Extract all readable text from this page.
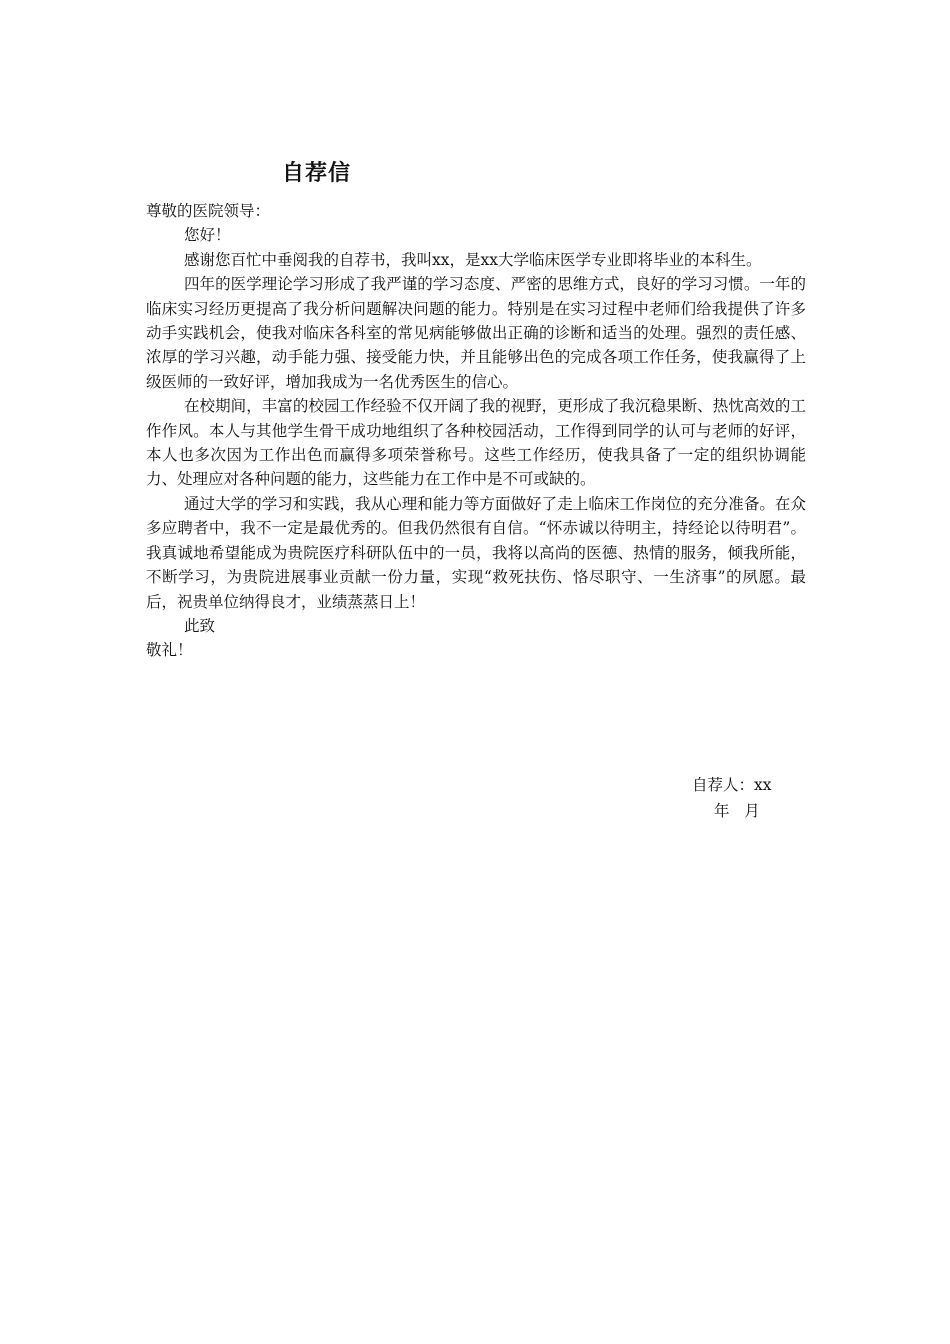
自荐信

尊敬的医院领导：

您好！

感谢您百忙中垂阅我的自荐书，我叫xx，是xx大学临床医学专业即将毕业的本科生。

四年的医学理论学习形成了我严谨的学习态度、严密的思维方式，良好的学习习惯。一年的临床实习经历更提高了我分析问题解决问题的能力。特别是在实习过程中老师们给我提供了许多动手实践机会，使我对临床各科室的常见病能够做出正确的诊断和适当的处理。强烈的责任感、浓厚的学习兴趣，动手能力强、接受能力快，并且能够出色的完成各项工作任务，使我赢得了上级医师的一致好评，增加我成为一名优秀医生的信心。

在校期间，丰富的校园工作经验不仅开阔了我的视野，更形成了我沉稳果断、热忱高效的工作作风。本人与其他学生骨干成功地组织了各种校园活动，工作得到同学的认可与老师的好评，本人也多次因为工作出色而赢得多项荣誉称号。这些工作经历，使我具备了一定的组织协调能力、处理应对各种问题的能力，这些能力在工作中是不可或缺的。

通过大学的学习和实践，我从心理和能力等方面做好了走上临床工作岗位的充分准备。在众多应聘者中，我不一定是最优秀的。但我仍然很有自信。“怀赤诚以待明主，持经论以待明君”。我真诚地希望能成为贵院医疗科研队伍中的一员，我将以高尚的医德、热情的服务，倾我所能，不断学习，为贵院进展事业贡献一份力量，实现“救死扶伤、恪尽职守、一生济事”的夙愿。最后，祝贵单位纳得良才，业绩蒸蒸日上！

此致

敬礼！

自荐人：xx
年   月
